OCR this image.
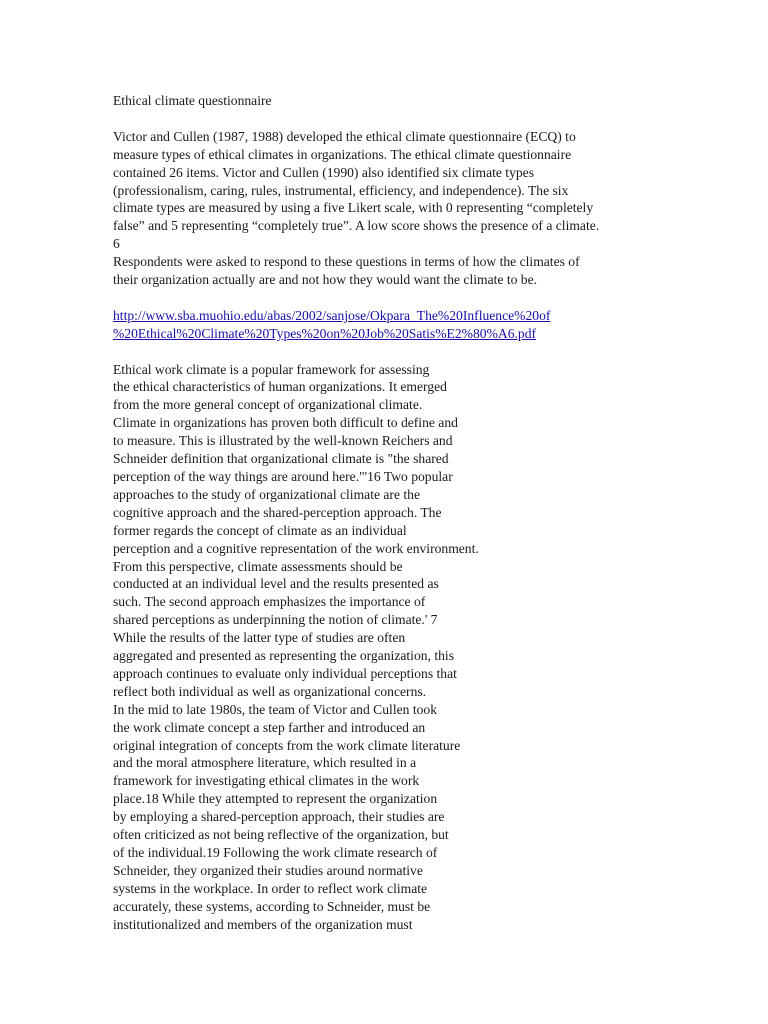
Ethical climate questionnaire
Victor and Cullen (1987, 1988) developed the ethical climate questionnaire (ECQ) to
measure types of ethical climates in organizations. The ethical climate questionnaire
contained 26 items. Victor and Cullen (1990) also identified six climate types
(professionalism, caring, rules, instrumental, efficiency, and independence). The six
climate types are measured by using a five Likert scale, with 0 representing “completely
false” and 5 representing “completely true”. A low score shows the presence of a climate.
6
Respondents were asked to respond to these questions in terms of how the climates of
their organization actually are and not how they would want the climate to be.
http://www.sba.muohio.edu/abas/2002/sanjose/Okpara_The%20Influence%20of
%20Ethical%20Climate%20Types%20on%20Job%20Satis%E2%80%A6.pdf
Ethical work climate is a popular framework for assessing
the ethical characteristics of human organizations. It emerged
from the more general concept of organizational climate.
Climate in organizations has proven both difficult to define and
to measure. This is illustrated by the well-known Reichers and
Schneider definition that organizational climate is "the shared
perception of the way things are around here."'16 Two popular
approaches to the study of organizational climate are the
cognitive approach and the shared-perception approach. The
former regards the concept of climate as an individual
perception and a cognitive representation of the work environment.
From this perspective, climate assessments should be
conducted at an individual level and the results presented as
such. The second approach emphasizes the importance of
shared perceptions as underpinning the notion of climate.' 7
While the results of the latter type of studies are often
aggregated and presented as representing the organization, this
approach continues to evaluate only individual perceptions that
reflect both individual as well as organizational concerns.
In the mid to late 1980s, the team of Victor and Cullen took
the work climate concept a step farther and introduced an
original integration of concepts from the work climate literature
and the moral atmosphere literature, which resulted in a
framework for investigating ethical climates in the work
place.18 While they attempted to represent the organization
by employing a shared-perception approach, their studies are
often criticized as not being reflective of the organization, but
of the individual.19 Following the work climate research of
Schneider, they organized their studies around normative
systems in the workplace. In order to reflect work climate
accurately, these systems, according to Schneider, must be
institutionalized and members of the organization must
